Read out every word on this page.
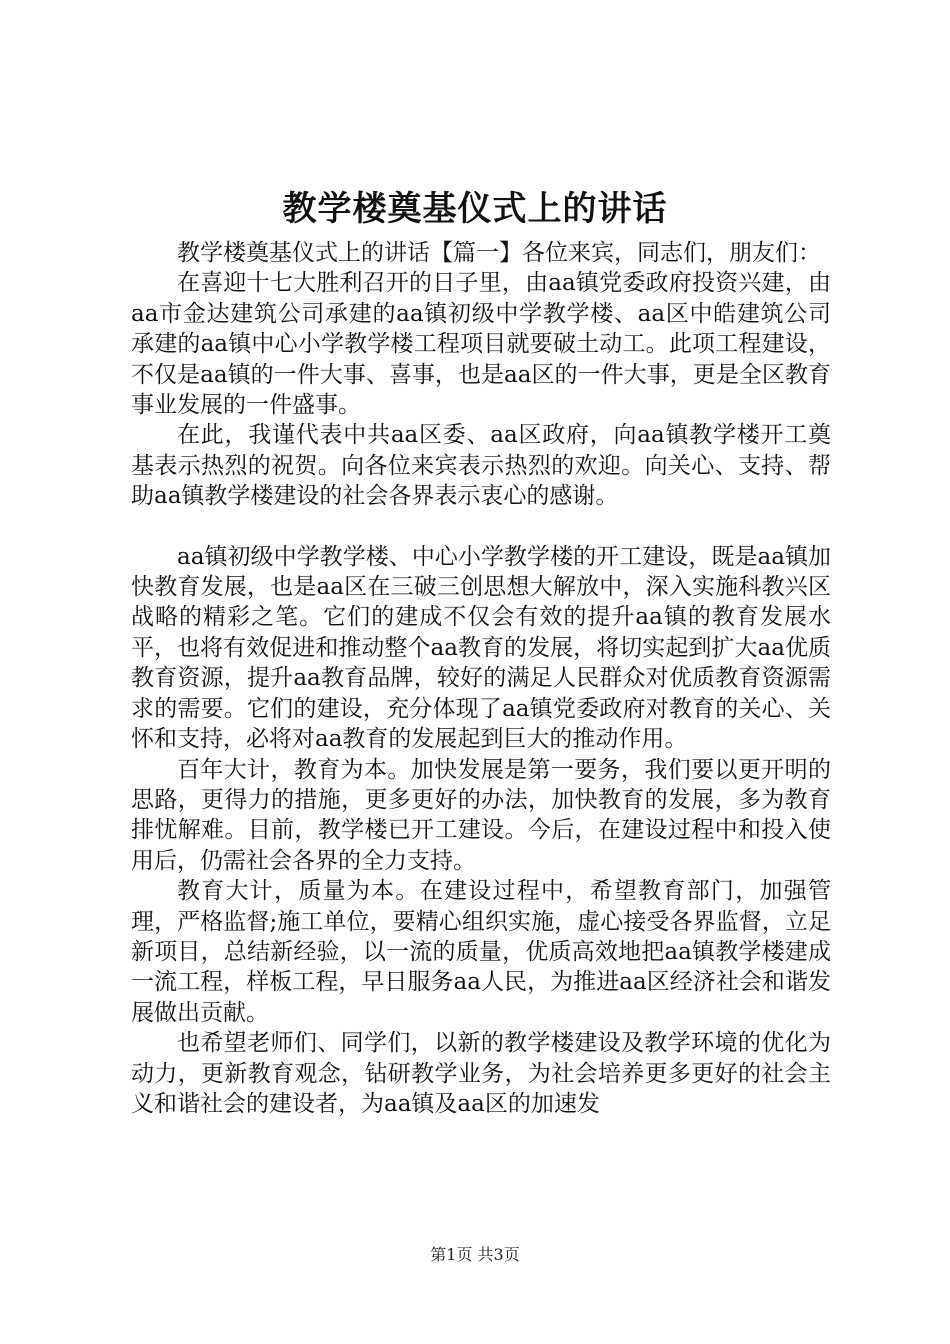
教学楼奠基仪式上的讲话

教学楼奠基仪式上的讲话【篇一】各位来宾，同志们，朋友们：

在喜迎十七大胜利召开的日子里，由aa镇党委政府投资兴建，由aa市金达建筑公司承建的aa镇初级中学教学楼、aa区中皓建筑公司承建的aa镇中心小学教学楼工程项目就要破土动工。此项工程建设，不仅是aa镇的一件大事、喜事，也是aa区的一件大事，更是全区教育事业发展的一件盛事。

在此，我谨代表中共aa区委、aa区政府，向aa镇教学楼开工奠基表示热烈的祝贺。向各位来宾表示热烈的欢迎。向关心、支持、帮助aa镇教学楼建设的社会各界表示衷心的感谢。

aa镇初级中学教学楼、中心小学教学楼的开工建设，既是aa镇加快教育发展，也是aa区在三破三创思想大解放中，深入实施科教兴区战略的精彩之笔。它们的建成不仅会有效的提升aa镇的教育发展水平，也将有效促进和推动整个aa教育的发展，将切实起到扩大aa优质教育资源，提升aa教育品牌，较好的满足人民群众对优质教育资源需求的需要。它们的建设，充分体现了aa镇党委政府对教育的关心、关怀和支持，必将对aa教育的发展起到巨大的推动作用。

百年大计，教育为本。加快发展是第一要务，我们要以更开明的思路，更得力的措施，更多更好的办法，加快教育的发展，多为教育排忧解难。目前，教学楼已开工建设。今后，在建设过程中和投入使用后，仍需社会各界的全力支持。

教育大计，质量为本。在建设过程中，希望教育部门，加强管理，严格监督;施工单位，要精心组织实施，虚心接受各界监督，立足新项目，总结新经验，以一流的质量，优质高效地把aa镇教学楼建成一流工程，样板工程，早日服务aa人民，为推进aa区经济社会和谐发展做出贡献。

也希望老师们、同学们，以新的教学楼建设及教学环境的优化为动力，更新教育观念，钻研教学业务，为社会培养更多更好的社会主义和谐社会的建设者，为aa镇及aa区的加速发

第1页 共3页
